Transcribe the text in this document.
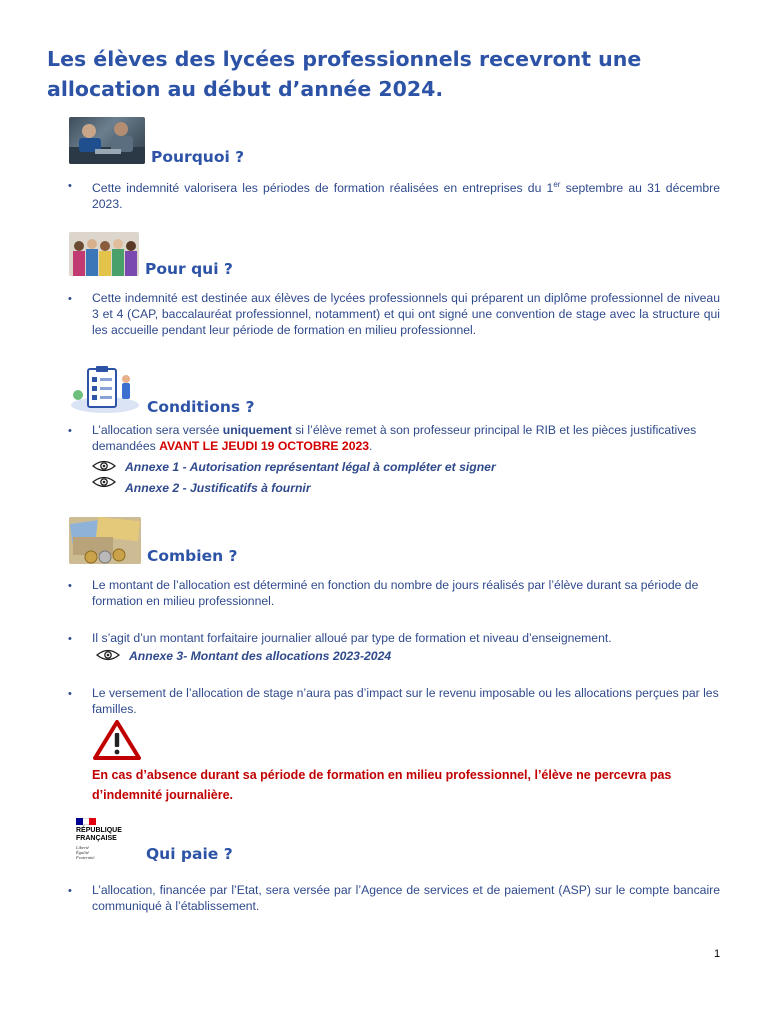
Les élèves des lycées professionnels recevront une allocation au début d’année 2024.
Pourquoi ?
• Cette indemnité valorisera les périodes de formation réalisées en entreprises du 1er septembre au 31 décembre 2023.
Pour qui ?
• Cette indemnité est destinée aux élèves de lycées professionnels qui préparent un diplôme professionnel de niveau 3 et 4 (CAP, baccalauréat professionnel, notamment) et qui ont signé une convention de stage avec la structure qui les accueille pendant leur période de formation en milieu professionnel.
Conditions ?
• L’allocation sera versée uniquement si l’élève remet à son professeur principal le RIB et les pièces justificatives demandées AVANT LE JEUDI 19 OCTOBRE 2023.
Annexe 1 - Autorisation représentant légal à compléter et signer
Annexe 2 - Justificatifs à fournir
Combien ?
• Le montant de l’allocation est déterminé en fonction du nombre de jours réalisés par l’élève durant sa période de formation en milieu professionnel.
• Il s’agit d’un montant forfaitaire journalier alloué par type de formation et niveau d’enseignement.
Annexe 3- Montant des allocations 2023-2024
• Le versement de l’allocation de stage n’aura pas d’impact sur le revenu imposable ou les allocations perçues par les familles.
En cas d’absence durant sa période de formation en milieu professionnel, l’élève ne percevra pas d’indemnité journalière.
RÉPUBLIQUE
FRANÇAISE
Liberté Égalité Fraternité	Qui paie ?
• L’allocation, financée par l’Etat, sera versée par l’Agence de services et de paiement (ASP) sur le compte bancaire communiqué à l’établissement.
1
